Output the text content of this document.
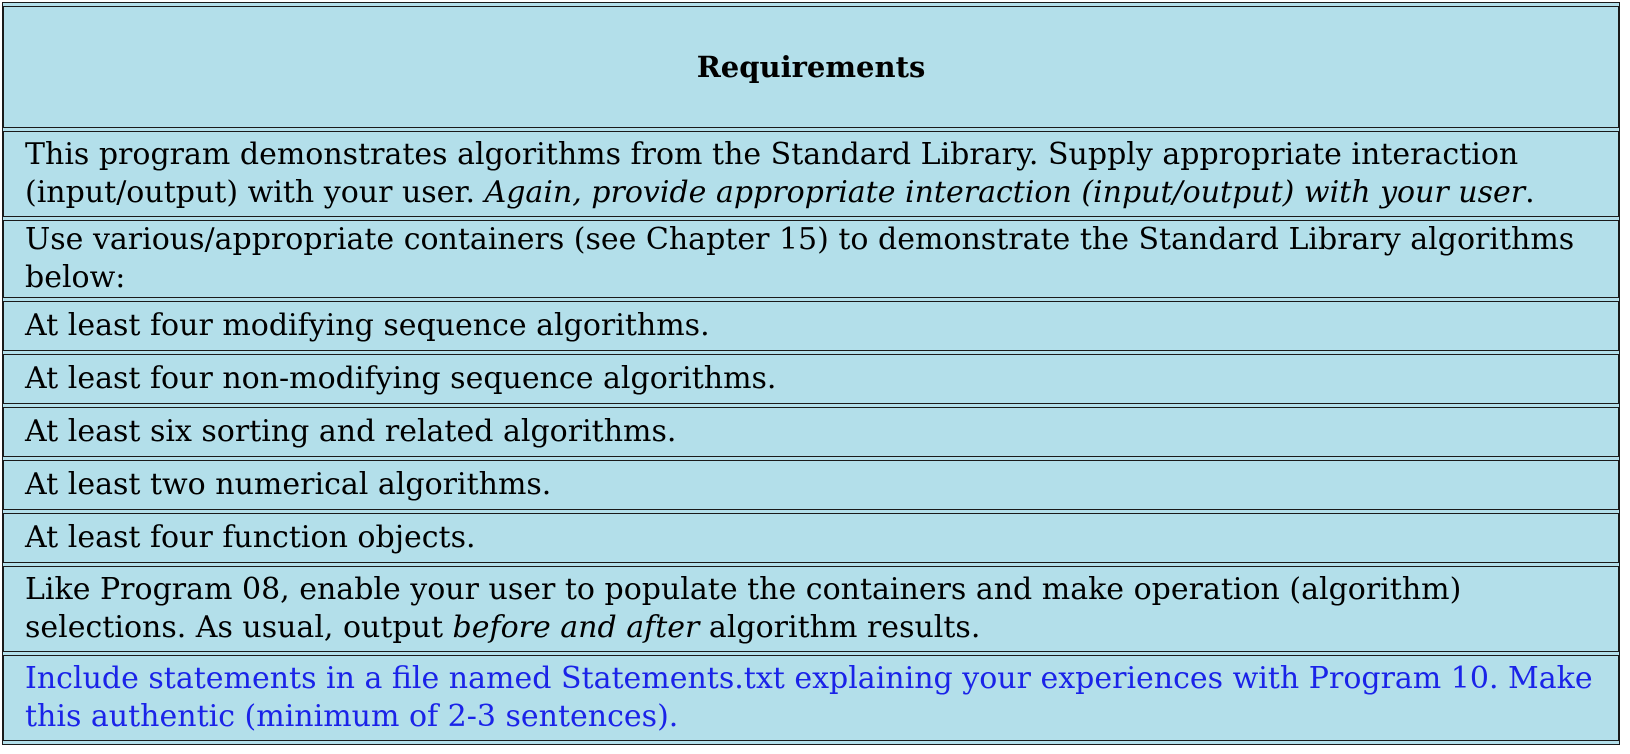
Requirements
This program demonstrates algorithms from the Standard Library. Supply appropriate interaction (input/output) with your user. Again, provide appropriate interaction (input/output) with your user.
Use various/appropriate containers (see Chapter 15) to demonstrate the Standard Library algorithms below:
At least four modifying sequence algorithms.
At least four non-modifying sequence algorithms.
At least six sorting and related algorithms.
At least two numerical algorithms.
At least four function objects.
Like Program 08, enable your user to populate the containers and make operation (algorithm) selections. As usual, output before and after algorithm results.
Include statements in a file named Statements.txt explaining your experiences with Program 10. Make this authentic (minimum of 2-3 sentences).
